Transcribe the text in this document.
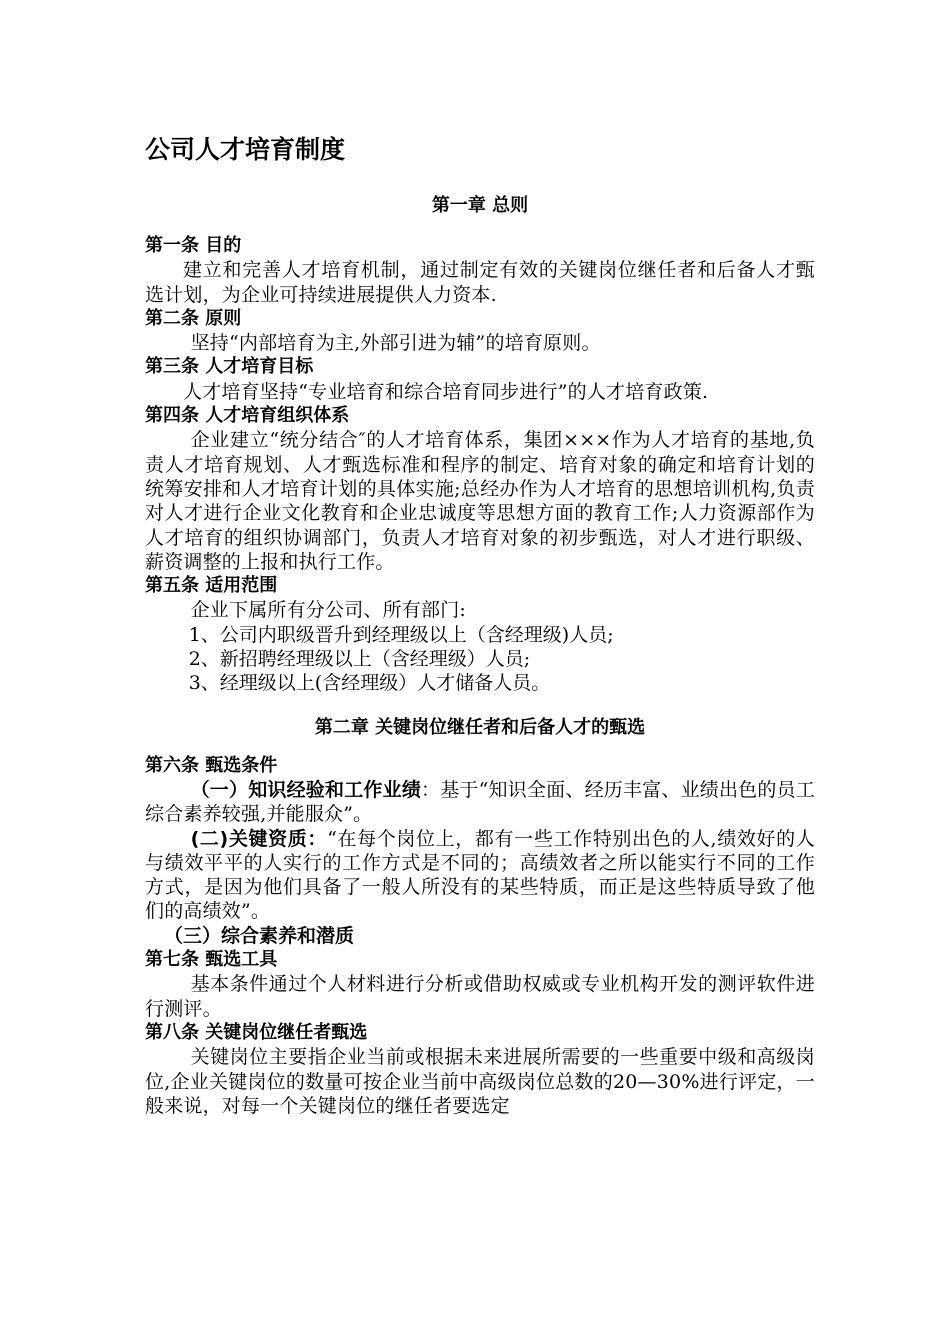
公司人才培育制度
第一章 总则
第一条 目的
建立和完善人才培育机制，通过制定有效的关键岗位继任者和后备人才甄选计划，为企业可持续进展提供人力资本.
第二条 原则
坚持“内部培育为主,外部引进为辅”的培育原则。
第三条 人才培育目标
人才培育坚持“专业培育和综合培育同步进行”的人才培育政策.
第四条 人才培育组织体系
企业建立“统分结合″的人才培育体系，集团×××作为人才培育的基地,负责人才培育规划、人才甄选标准和程序的制定、培育对象的确定和培育计划的统筹安排和人才培育计划的具体实施;总经办作为人才培育的思想培训机构,负责对人才进行企业文化教育和企业忠诚度等思想方面的教育工作;人力资源部作为人才培育的组织协调部门，负责人才培育对象的初步甄选，对人才进行职级、薪资调整的上报和执行工作。
第五条 适用范围
企业下属所有分公司、所有部门:
1、公司内职级晋升到经理级以上（含经理级)人员;
2、新招聘经理级以上（含经理级）人员;
3、经理级以上(含经理级）人才储备人员。
第二章 关键岗位继任者和后备人才的甄选
第六条 甄选条件
（一）知识经验和工作业绩：基于“知识全面、经历丰富、业绩出色的员工综合素养较强,并能服众”。
(二)关键资质：“在每个岗位上，都有一些工作特别出色的人,绩效好的人与绩效平平的人实行的工作方式是不同的；高绩效者之所以能实行不同的工作方式，是因为他们具备了一般人所没有的某些特质，而正是这些特质导致了他们的高绩效”。
（三）综合素养和潜质
第七条 甄选工具
基本条件通过个人材料进行分析或借助权威或专业机构开发的测评软件进行测评。
第八条 关键岗位继任者甄选
关键岗位主要指企业当前或根据未来进展所需要的一些重要中级和高级岗位,企业关键岗位的数量可按企业当前中高级岗位总数的20—30%进行评定，一般来说，对每一个关键岗位的继任者要选定
